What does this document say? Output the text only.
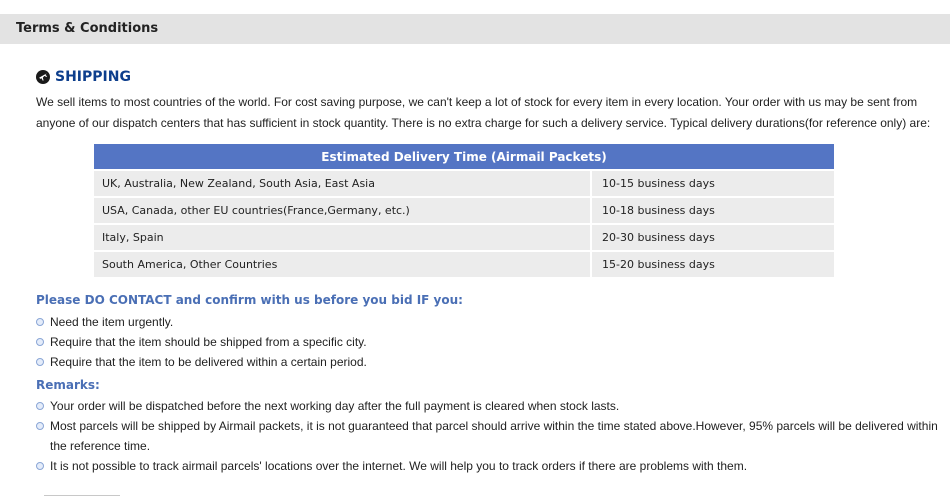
Terms & Conditions
SHIPPING
We sell items to most countries of the world. For cost saving purpose, we can't keep a lot of stock for every item in every location. Your order with us may be sent from
anyone of our dispatch centers that has sufficient in stock quantity. There is no extra charge for such a delivery service. Typical delivery durations(for reference only) are:
Estimated Delivery Time (Airmail Packets)	
UK, Australia, New Zealand, South Asia, East Asia	10-15 business days
USA, Canada, other EU countries(France,Germany, etc.)	10-18 business days
Italy, Spain	20-30 business days
South America, Other Countries	15-20 business days
Please DO CONTACT and confirm with us before you bid IF you:
Need the item urgently.
Require that the item should be shipped from a specific city.
Require that the item to be delivered within a certain period.
Remarks:
Your order will be dispatched before the next working day after the full payment is cleared when stock lasts.
Most parcels will be shipped by Airmail packets, it is not guaranteed that parcel should arrive within the time stated above.However, 95% parcels will be delivered within the reference time.
It is not possible to track airmail parcels' locations over the internet. We will help you to track orders if there are problems with them.
